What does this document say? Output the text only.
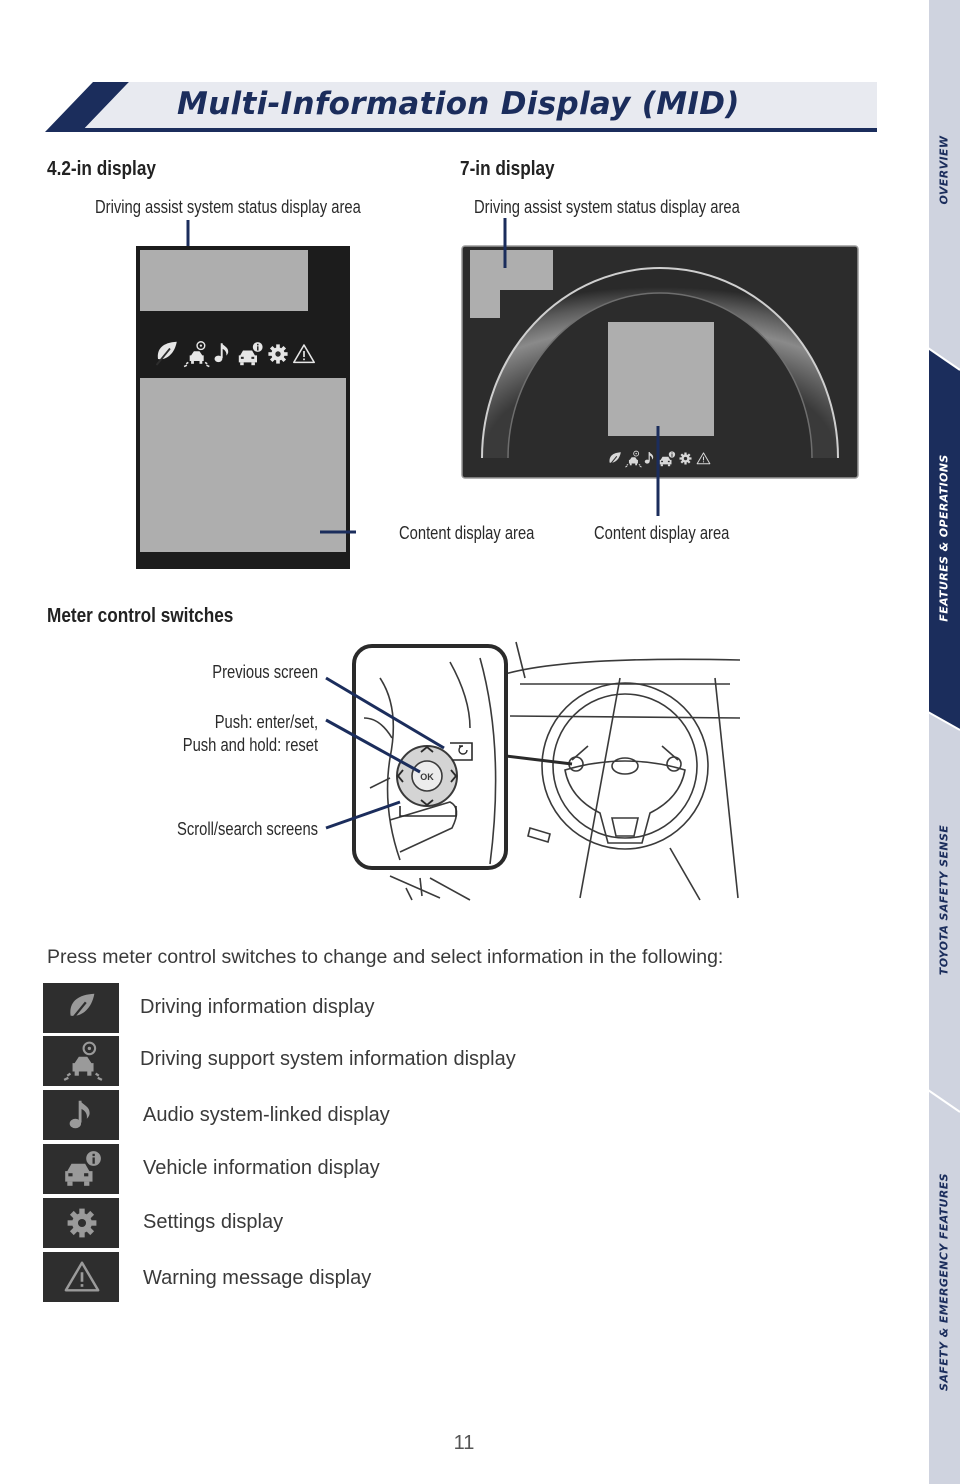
Multi-Information Display (MID)
OVERVIEW
FEATURES & OPERATIONS
TOYOTA SAFETY SENSE
SAFETY & EMERGENCY FEATURES
4.2-in display	7-in display
Driving assist system status display area
Content display area
Driving assist system status display area
Content display area
Meter control switches
Previous screen
Push: enter/set,
Push and hold: reset
Scroll/search screens
OK
Press meter control switches to change and select information in the following:
Driving information display
Driving support system information display
Audio system-linked display
Vehicle information display
Settings display
Warning message display
11
